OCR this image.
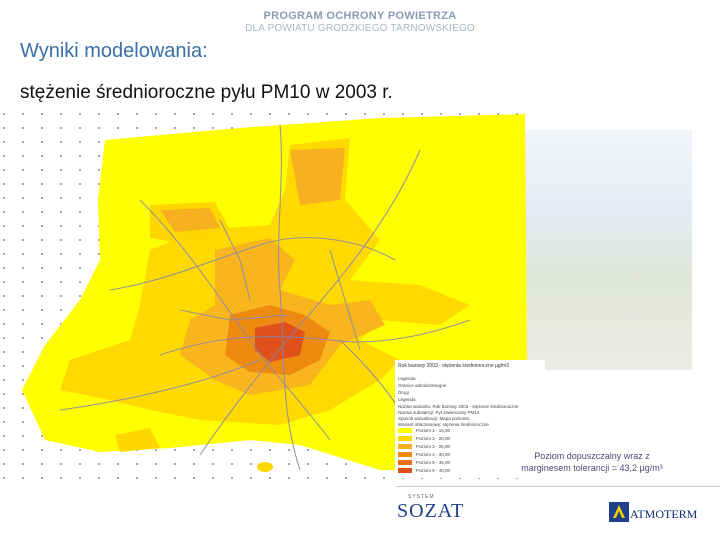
PROGRAM OCHRONY POWIETRZA
DLA POWIATU GRODZKIEGO TARNOWSKIEGO
Wyniki modelowania:
stężenie średnioroczne pyłu PM10 w 2003 r.
Rok bazowy 2003 - stężenia średnioroczne µg/m3
Legenda
Granice administracyjne
Drogi
Legenda
Nazwa wariantu: Rok bazowy 2003 - stężenie średnioroczne
Nazwa substancji: Pył zawieszony PM10
Sposób wizualizacji: Mapa poziomic
Wariant obliczeniowy: stężenia średnioroczne
Poziom 1 - 15,00
Poziom 2 - 20,00
Poziom 3 - 25,00
Poziom 4 - 30,00
Poziom 5 - 35,00
Poziom 6 - 40,00
Poziom dopuszczalny wraz z
marginesem tolerancji = 43,2 µg/m³
SYSTEM
SOZAT	ATMOTERM
